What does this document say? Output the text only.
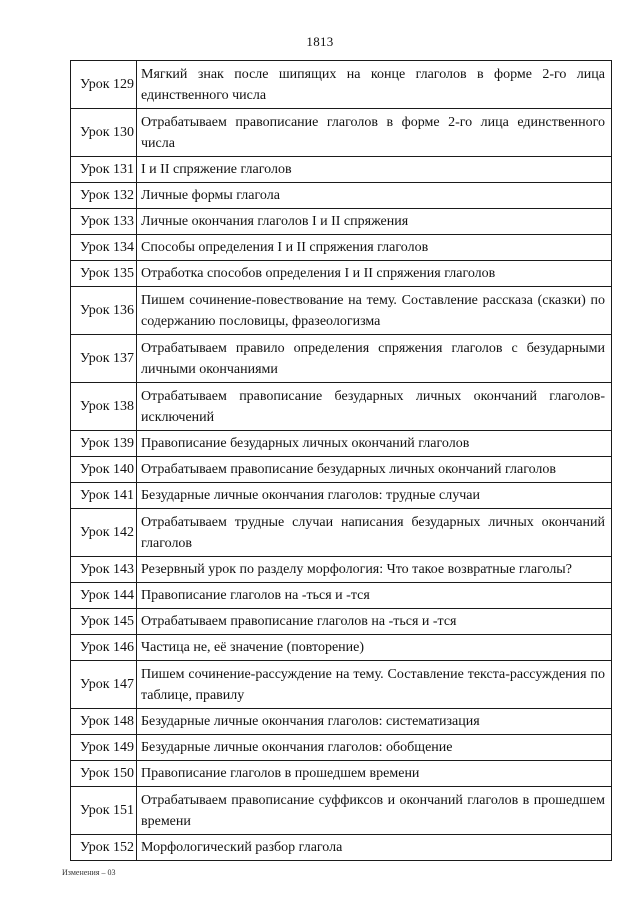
1813
Урок 129	Мягкий знак после шипящих на конце глаголов в форме 2-го лица единственного числа
Урок 130	Отрабатываем правописание глаголов в форме 2-го лица единственного числа
Урок 131	I и II спряжение глаголов
Урок 132	Личные формы глагола
Урок 133	Личные окончания глаголов I и II спряжения
Урок 134	Способы определения I и II спряжения глаголов
Урок 135	Отработка способов определения I и II спряжения глаголов
Урок 136	Пишем сочинение-повествование на тему. Составление рассказа (сказки) по содержанию пословицы, фразеологизма
Урок 137	Отрабатываем правило определения спряжения глаголов с безударными личными окончаниями
Урок 138	Отрабатываем правописание безударных личных окончаний глаголов-исключений
Урок 139	Правописание безударных личных окончаний глаголов
Урок 140	Отрабатываем правописание безударных личных окончаний глаголов
Урок 141	Безударные личные окончания глаголов: трудные случаи
Урок 142	Отрабатываем трудные случаи написания безударных личных окончаний глаголов
Урок 143	Резервный урок по разделу морфология: Что такое возвратные глаголы?
Урок 144	Правописание глаголов на -ться и -тся
Урок 145	Отрабатываем правописание глаголов на -ться и -тся
Урок 146	Частица не, её значение (повторение)
Урок 147	Пишем сочинение-рассуждение на тему. Составление текста-рассуждения по таблице, правилу
Урок 148	Безударные личные окончания глаголов: систематизация
Урок 149	Безударные личные окончания глаголов: обобщение
Урок 150	Правописание глаголов в прошедшем времени
Урок 151	Отрабатываем правописание суффиксов и окончаний глаголов в прошедшем времени
Урок 152	Морфологический разбор глагола
Изменения – 03
